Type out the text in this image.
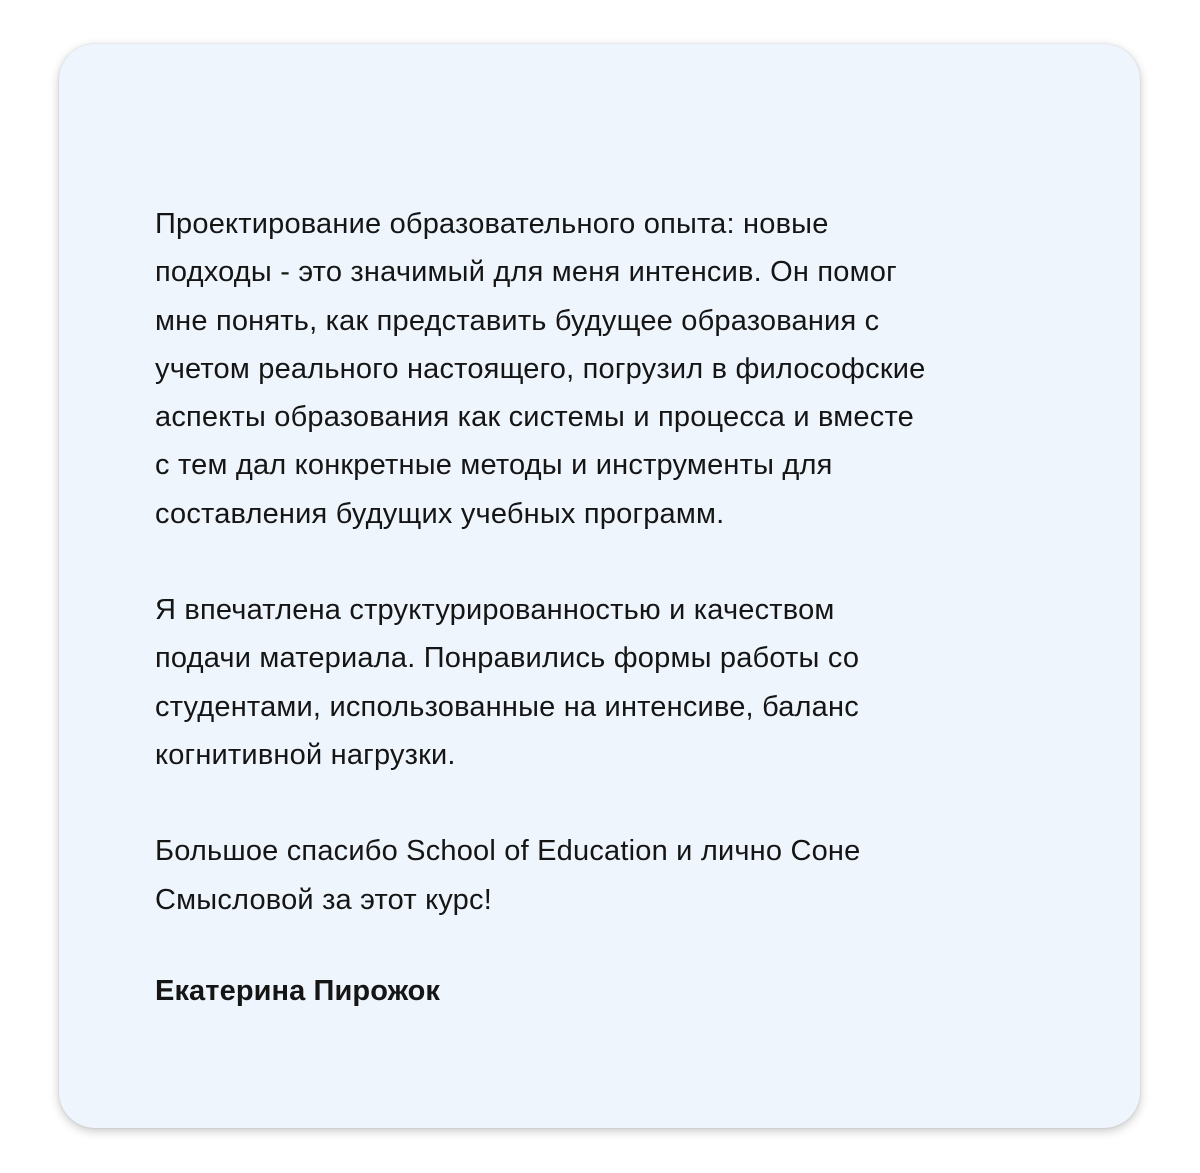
Проектирование образовательного опыта: новые
подходы - это значимый для меня интенсив. Он помог
мне понять, как представить будущее образования с
учетом реального настоящего, погрузил в философские
аспекты образования как системы и процесса и вместе
с тем дал конкретные методы и инструменты для
составления будущих учебных программ.

Я впечатлена структурированностью и качеством
подачи материала. Понравились формы работы со
студентами, использованные на интенсиве, баланс
когнитивной нагрузки.

Большое спасибо School of Education и лично Соне
Смысловой за этот курс!

Екатерина Пирожок
